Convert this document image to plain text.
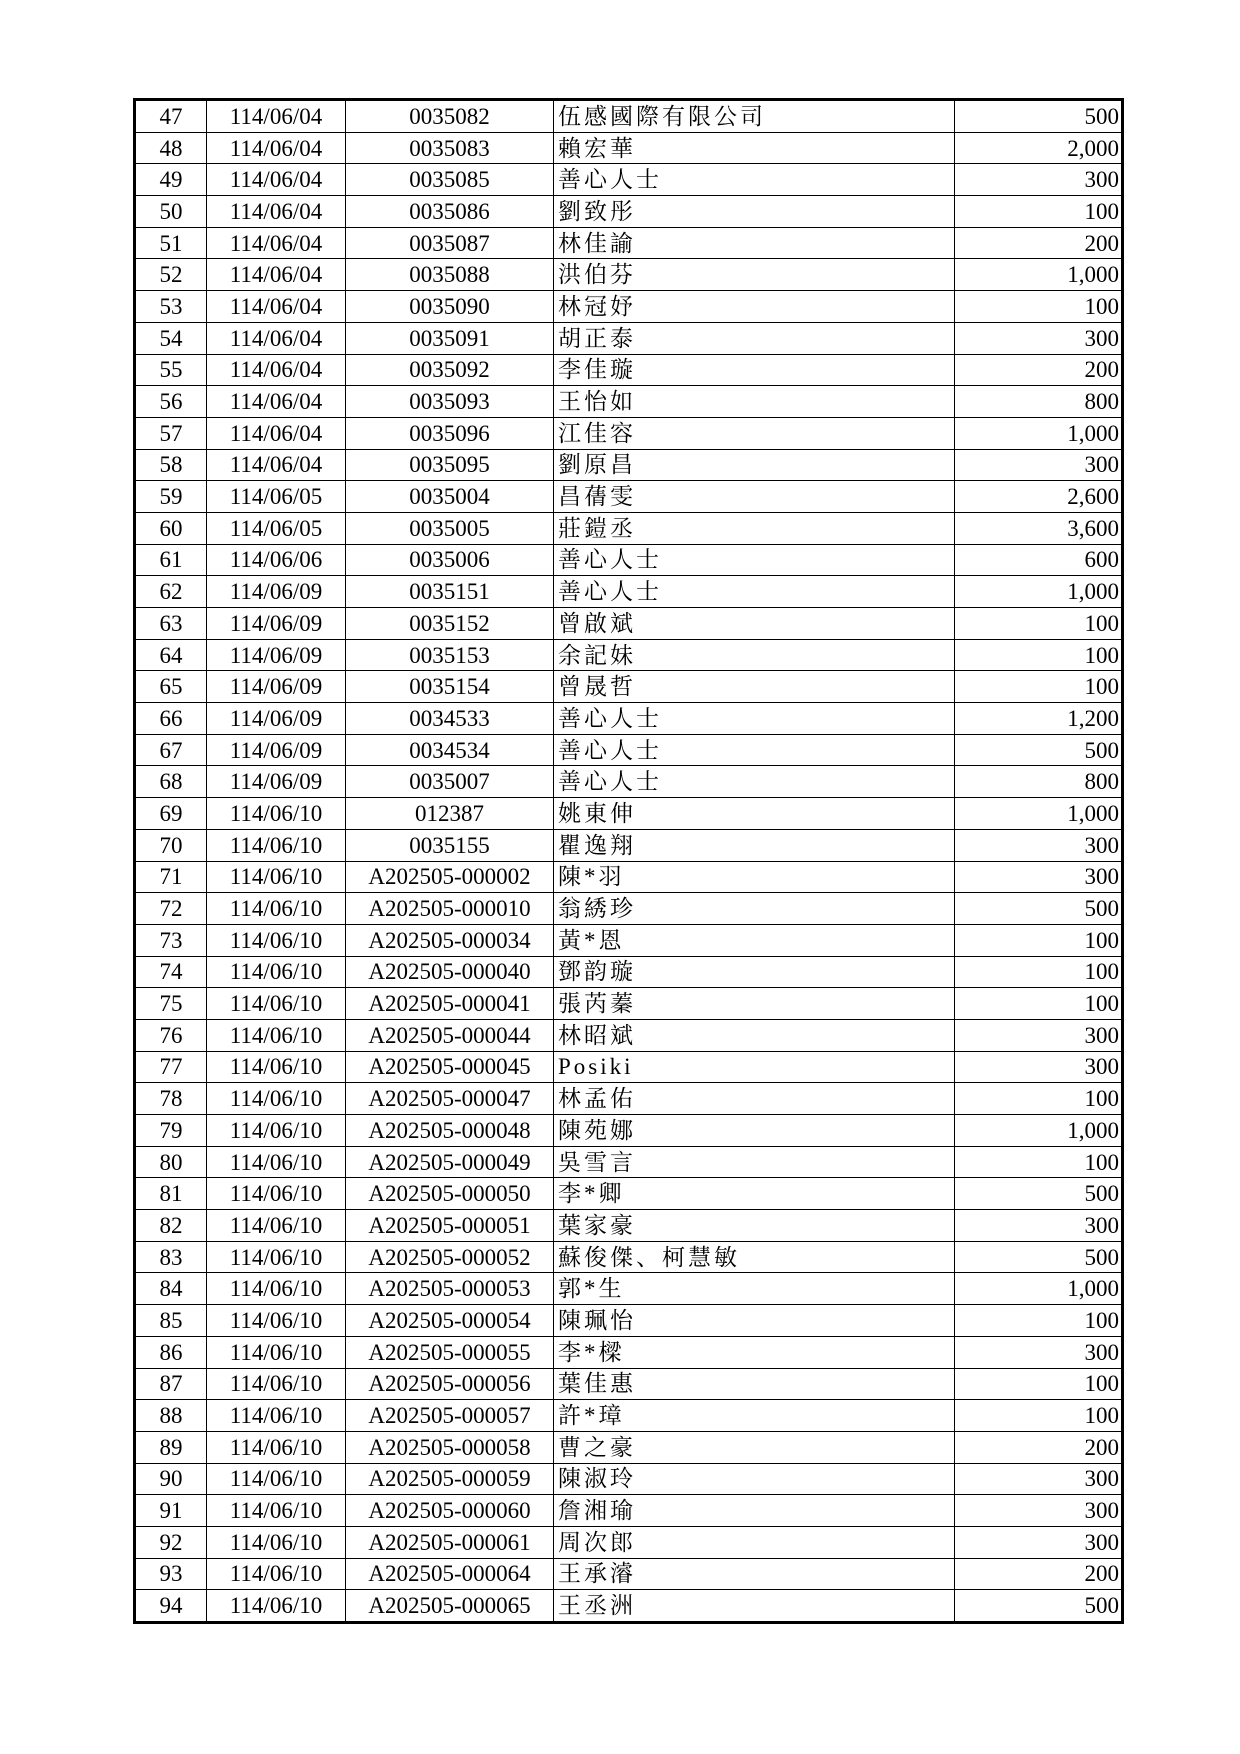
47	114/06/04	0035082	伍感國際有限公司	500
48	114/06/04	0035083	賴宏華	2,000
49	114/06/04	0035085	善心人士	300
50	114/06/04	0035086	劉致彤	100
51	114/06/04	0035087	林佳諭	200
52	114/06/04	0035088	洪伯芬	1,000
53	114/06/04	0035090	林冠妤	100
54	114/06/04	0035091	胡正泰	300
55	114/06/04	0035092	李佳璇	200
56	114/06/04	0035093	王怡如	800
57	114/06/04	0035096	江佳容	1,000
58	114/06/04	0035095	劉原昌	300
59	114/06/05	0035004	昌蒨雯	2,600
60	114/06/05	0035005	莊鎧丞	3,600
61	114/06/06	0035006	善心人士	600
62	114/06/09	0035151	善心人士	1,000
63	114/06/09	0035152	曾啟斌	100
64	114/06/09	0035153	余記妹	100
65	114/06/09	0035154	曾晟哲	100
66	114/06/09	0034533	善心人士	1,200
67	114/06/09	0034534	善心人士	500
68	114/06/09	0035007	善心人士	800
69	114/06/10	012387	姚東伸	1,000
70	114/06/10	0035155	瞿逸翔	300
71	114/06/10	A202505-000002	陳*羽	300
72	114/06/10	A202505-000010	翁綉珍	500
73	114/06/10	A202505-000034	黃*恩	100
74	114/06/10	A202505-000040	鄧韵璇	100
75	114/06/10	A202505-000041	張芮蓁	100
76	114/06/10	A202505-000044	林昭斌	300
77	114/06/10	A202505-000045	Posiki	300
78	114/06/10	A202505-000047	林孟佑	100
79	114/06/10	A202505-000048	陳苑娜	1,000
80	114/06/10	A202505-000049	吳雪言	100
81	114/06/10	A202505-000050	李*卿	500
82	114/06/10	A202505-000051	葉家豪	300
83	114/06/10	A202505-000052	蘇俊傑、柯慧敏	500
84	114/06/10	A202505-000053	郭*生	1,000
85	114/06/10	A202505-000054	陳珮怡	100
86	114/06/10	A202505-000055	李*樑	300
87	114/06/10	A202505-000056	葉佳惠	100
88	114/06/10	A202505-000057	許*璋	100
89	114/06/10	A202505-000058	曹之豪	200
90	114/06/10	A202505-000059	陳淑玲	300
91	114/06/10	A202505-000060	詹湘瑜	300
92	114/06/10	A202505-000061	周次郎	300
93	114/06/10	A202505-000064	王承濬	200
94	114/06/10	A202505-000065	王丞洲	500
